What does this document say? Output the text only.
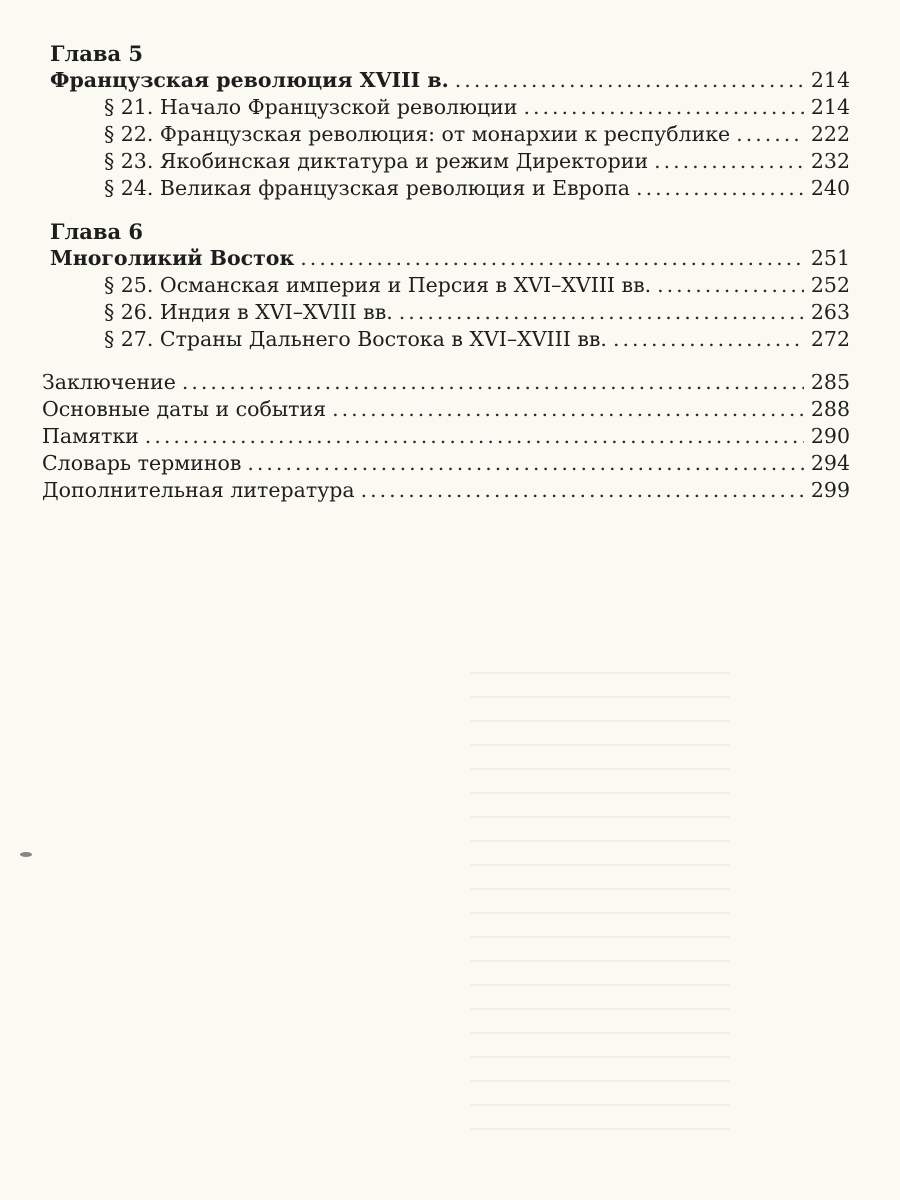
Глава 5
Французская революция XVIII в. .....	214
§ 21. Начало Французской революции .....	214
§ 22. Французская революция: от монархии к республике .....	222
§ 23. Якобинская диктатура и режим Директории .....	232
§ 24. Великая французская революция и Европа .....	240
Глава 6
Многоликий Восток .....	251
§ 25. Османская империя и Персия в XVI–XVIII вв. .....	252
§ 26. Индия в XVI–XVIII вв. .....	263
§ 27. Страны Дальнего Востока в XVI–XVIII вв. .....	272
Заключение .....	285
Основные даты и события .....	288
Памятки .....	290
Словарь терминов .....	294
Дополнительная литература .....	299
